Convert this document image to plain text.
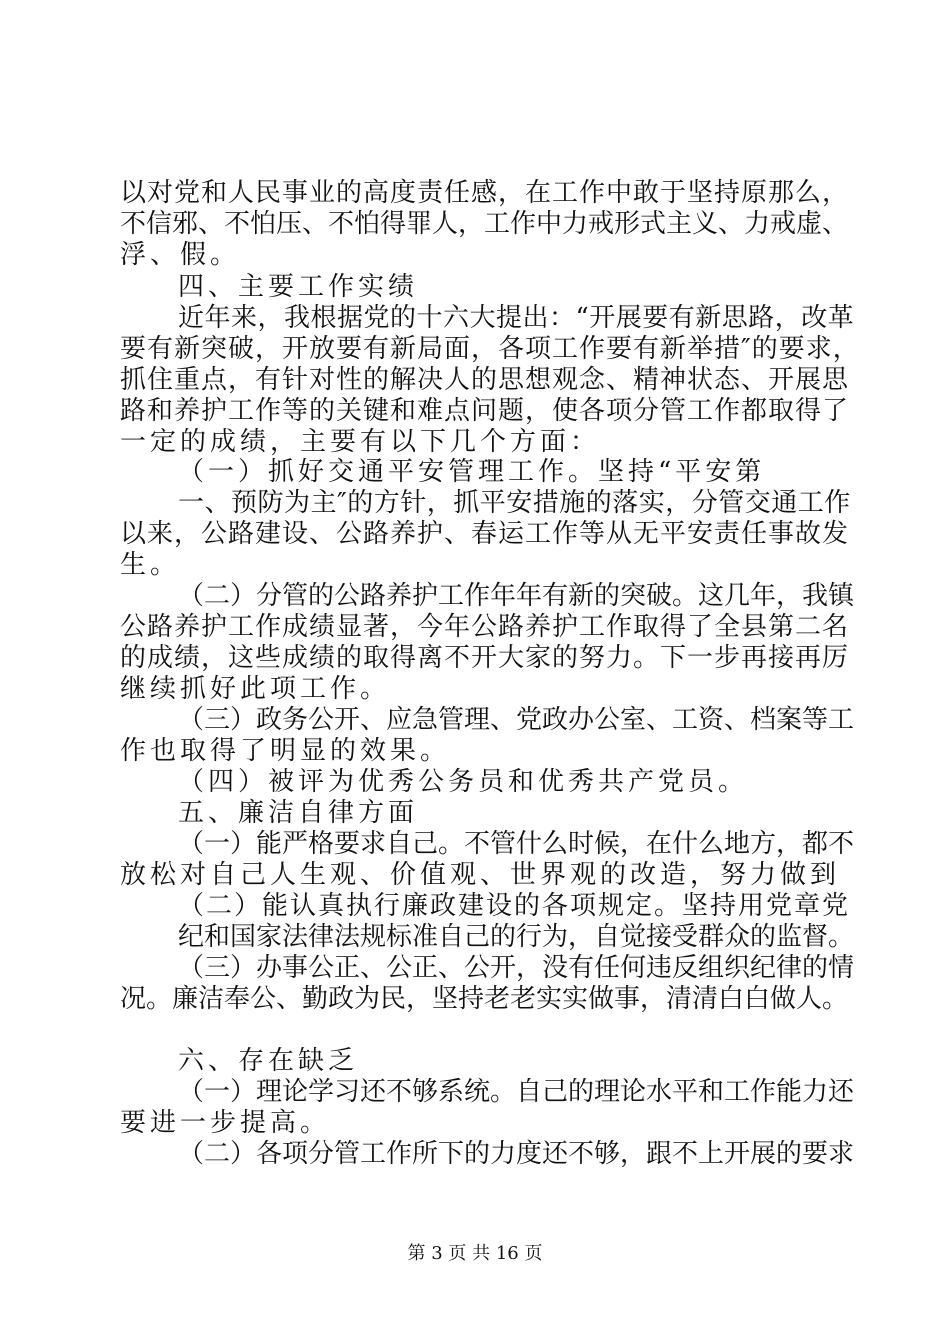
以对党和人民事业的高度责任感，在工作中敢于坚持原那么，
不信邪、不怕压、不怕得罪人，工作中力戒形式主义、力戒虚、
浮、假。
四、主要工作实绩
近年来，我根据党的十六大提出：“开展要有新思路，改革
要有新突破，开放要有新局面，各项工作要有新举措″的要求，
抓住重点，有针对性的解决人的思想观念、精神状态、开展思
路和养护工作等的关键和难点问题，使各项分管工作都取得了
一定的成绩，主要有以下几个方面：
（一）抓好交通平安管理工作。坚持“平安第
一、预防为主″的方针，抓平安措施的落实，分管交通工作
以来，公路建设、公路养护、春运工作等从无平安责任事故发
生。
（二）分管的公路养护工作年年有新的突破。这几年，我镇
公路养护工作成绩显著，今年公路养护工作取得了全县第二名
的成绩，这些成绩的取得离不开大家的努力。下一步再接再厉
继续抓好此项工作。
（三）政务公开、应急管理、党政办公室、工资、档案等工
作也取得了明显的效果。
（四）被评为优秀公务员和优秀共产党员。
五、廉洁自律方面
（一）能严格要求自己。不管什么时候，在什么地方，都不
放松对自己人生观、价值观、世界观的改造，努力做到
（二）能认真执行廉政建设的各项规定。坚持用党章党
纪和国家法律法规标准自己的行为，自觉接受群众的监督。
（三）办事公正、公正、公开，没有任何违反组织纪律的情
况。廉洁奉公、勤政为民，坚持老老实实做事，清清白白做人。
六、存在缺乏
（一）理论学习还不够系统。自己的理论水平和工作能力还
要进一步提高。
（二）各项分管工作所下的力度还不够，跟不上开展的要求
第 3 页 共 16 页
